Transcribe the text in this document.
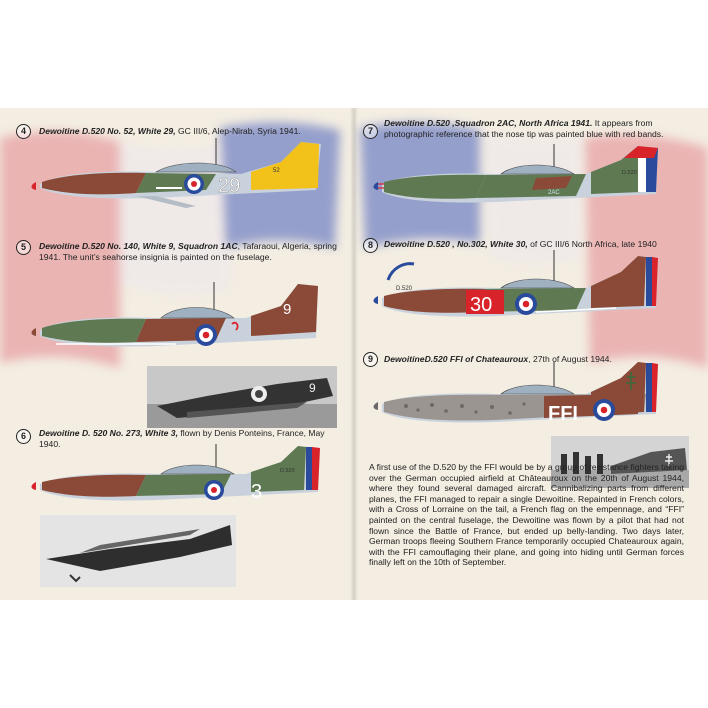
4	Dewoitine D.520 No. 52, White 29, GC III/6, Alep-Nirab, Syria 1941.
29
52
5	Dewoitine D.520 No. 140, White 9, Squadron 1AC, Tafaraoui, Algeria, spring 1941. The unit’s seahorse insignia is painted on the fuselage.
9
9
6	Dewoitine D. 520 No. 273, White 3, flown by Denis Ponteins, France, May 1940.
3
D.520
7
Dewoitine D.520 ,Squadron 2AC, North Africa 1941. It appears from photographic reference that the nose tip was painted blue with red bands.
2AC
D.520
8	Dewoitine D.520 , No.302, White 30, of GC III/6 North Africa, late 1940
30
D.520
9	DewoitineD.520 FFI of Chateauroux, 27th of August 1944.
FFI
A first use of the D.520 by the FFI would be by a group of resistance fighters taking over the German occupied airfield at Châteauroux on the 20th of August 1944, where they found several damaged aircraft. Cannibalizing parts from different planes, the FFI managed to repair a single Dewoitine. Repainted in French colors, with a Cross of Lorraine on the tail, a French flag on the empennage, and “FFI” painted on the central fuselage, the Dewoitine was flown by a pilot that had not flown since the Battle of France, but ended up belly-landing. Two days later, German troops fleeing Southern France temporarily occupied Chateauroux again, with the FFI camouflaging their plane, and going into hiding until German forces finally left on the 10th of September.
